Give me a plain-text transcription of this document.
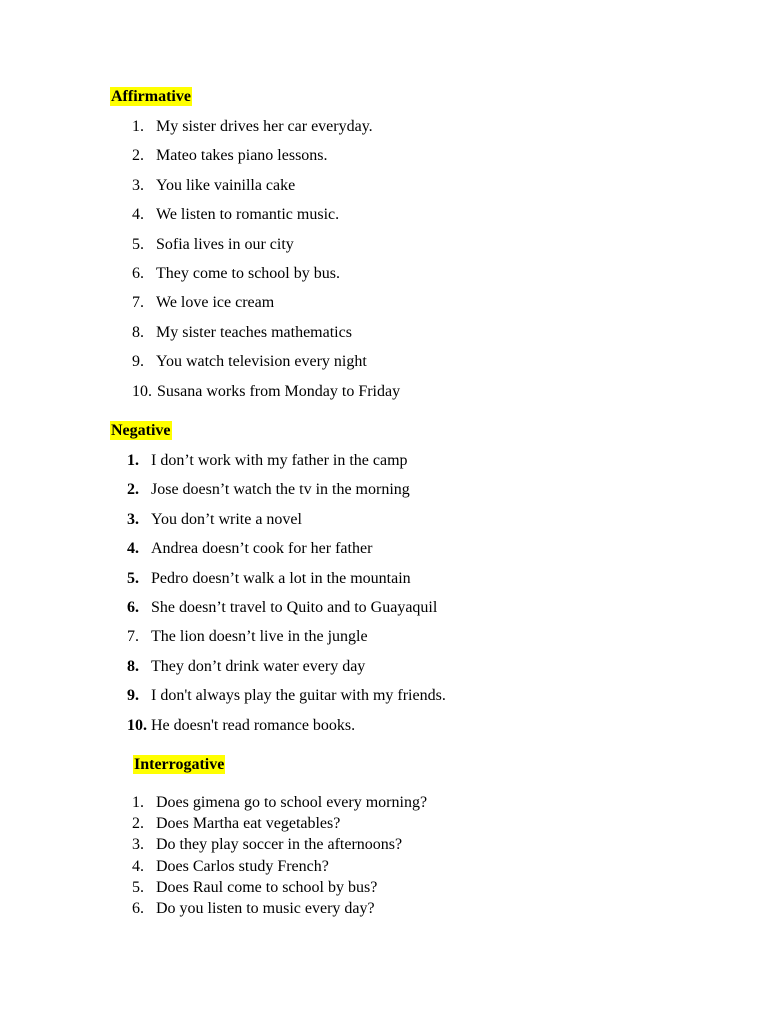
Affirmative
1. My sister drives her car everyday.
2. Mateo takes piano lessons.
3. You like vainilla cake
4. We listen to romantic music.
5. Sofia lives in our city
6. They come to school by bus.
7. We love ice cream
8. My sister teaches mathematics
9. You watch television every night
10. Susana works from Monday to Friday
Negative
1. I don’t work with my father in the camp
2. Jose doesn’t watch the tv in the morning
3. You don’t write a novel
4. Andrea doesn’t cook for her father
5. Pedro doesn’t walk a lot in the mountain
6. She doesn’t travel to Quito and to Guayaquil
7. The lion doesn’t live in the jungle
8. They don’t drink water every day
9. I don't always play the guitar with my friends.
10. He doesn't read romance books.
Interrogative
1. Does gimena go to school every morning?
2. Does Martha eat vegetables?
3. Do they play soccer in the afternoons?
4. Does Carlos study French?
5. Does Raul come to school by bus?
6. Do you listen to music every day?
